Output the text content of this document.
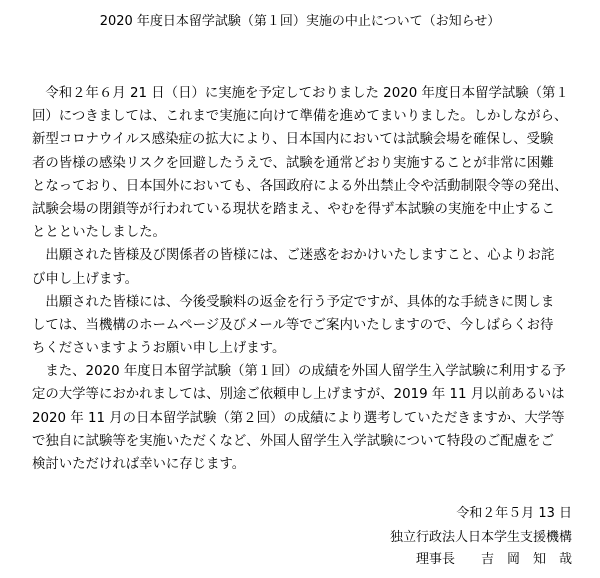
2020 年度日本留学試験（第１回）実施の中止について（お知らせ）
　令和２年６月 21 日（日）に実施を予定しておりました 2020 年度日本留学試験（第１
回）につきましては、これまで実施に向けて準備を進めてまいりました。しかしながら、
新型コロナウイルス感染症の拡大により、日本国内においては試験会場を確保し、受験
者の皆様の感染リスクを回避したうえで、試験を通常どおり実施することが非常に困難
となっており、日本国外においても、各国政府による外出禁止令や活動制限令等の発出、
試験会場の閉鎖等が行われている現状を踏まえ、やむを得ず本試験の実施を中止するこ
ととといたしました。
　出願された皆様及び関係者の皆様には、ご迷惑をおかけいたしますこと、心よりお詫
び申し上げます。
　出願された皆様には、今後受験料の返金を行う予定ですが、具体的な手続きに関しま
しては、当機構のホームページ及びメール等でご案内いたしますので、今しばらくお待
ちくださいますようお願い申し上げます。
　また、2020 年度日本留学試験（第１回）の成績を外国人留学生入学試験に利用する予
定の大学等におかれましては、別途ご依頼申し上げますが、2019 年 11 月以前あるいは
2020 年 11 月の日本留学試験（第２回）の成績により選考していただきますか、大学等
で独自に試験等を実施いただくなど、外国人留学生入学試験について特段のご配慮をご
検討いただければ幸いに存じます。
令和２年５月 13 日
独立行政法人日本学生支援機構
理事長　　吉　岡　知　哉
